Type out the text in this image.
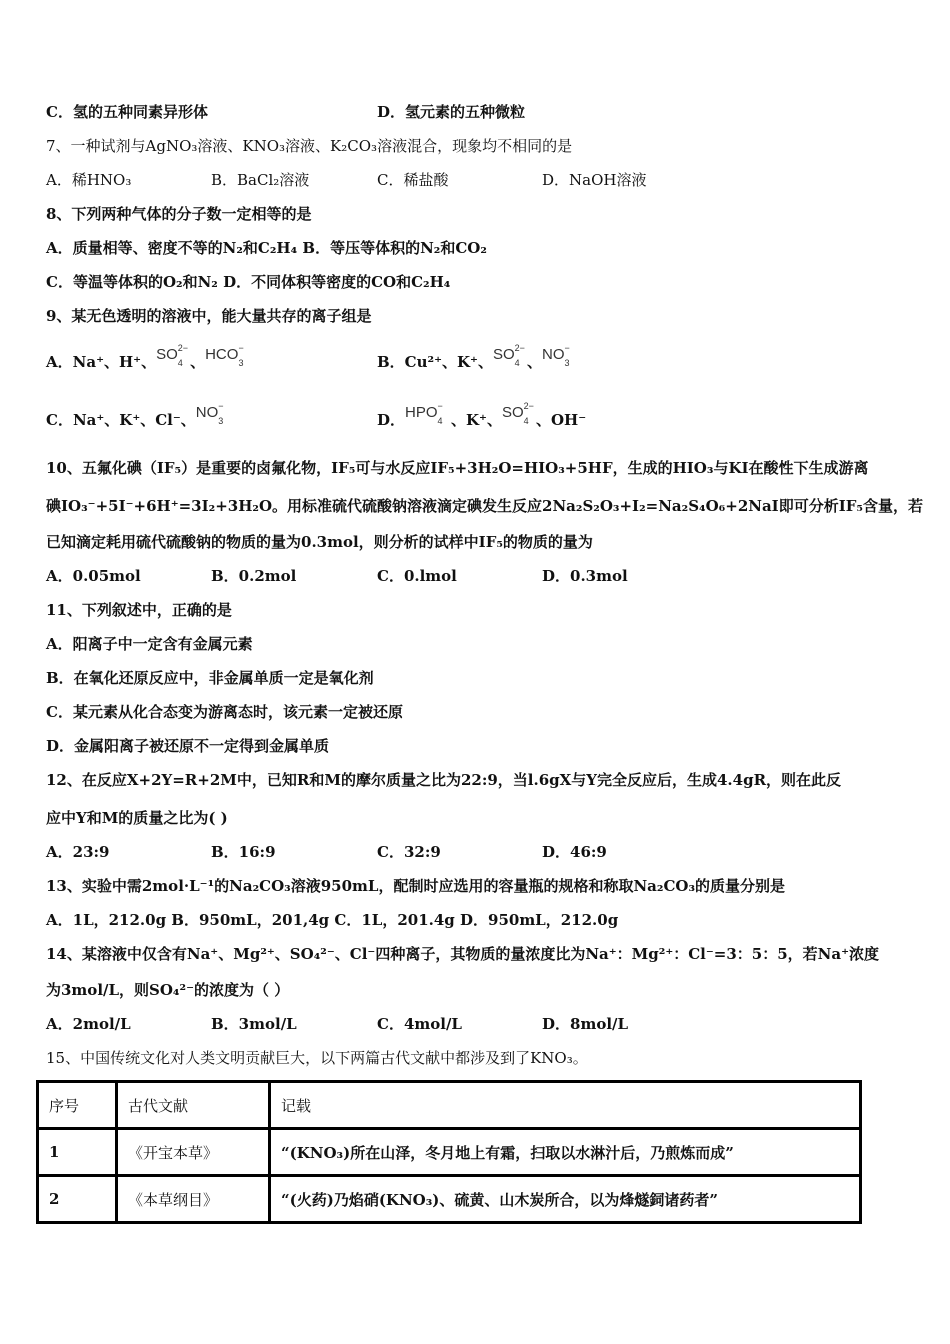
C．氢的五种同素异形体	D．氢元素的五种微粒
7、一种试剂与AgNO₃溶液、KNO₃溶液、K₂CO₃溶液混合，现象均不相同的是
A．稀HNO₃	B．BaCl₂溶液	C．稀盐酸	D．NaOH溶液
8、下列两种气体的分子数一定相等的是
A．质量相等、密度不等的N₂和C₂H₄ B．等压等体积的N₂和CO₂
C．等温等体积的O₂和N₂ D．不同体积等密度的CO和C₂H₄
9、某无色透明的溶液中，能大量共存的离子组是
A．Na⁺、H⁺、SO 2−
4 、HCO −
3	B．Cu²⁺、K⁺、SO 2−
4 、NO −
3
C．Na⁺、K⁺、Cl⁻、NO −
3	D．HPO −
4 、K⁺、SO 2−
4 、OH⁻
10、五氟化碘（IF₅）是重要的卤氟化物，IF₅可与水反应IF₅+3H₂O=HIO₃+5HF，生成的HIO₃与KI在酸性下生成游离
碘IO₃⁻+5I⁻+6H⁺=3I₂+3H₂O。用标准硫代硫酸钠溶液滴定碘发生反应2Na₂S₂O₃+I₂=Na₂S₄O₆+2NaI即可分析IF₅含量，若
已知滴定耗用硫代硫酸钠的物质的量为0.3mol，则分析的试样中IF₅的物质的量为
A．0.05mol	B．0.2mol	C．0.lmol	D．0.3mol
11、下列叙述中，正确的是
A．阳离子中一定含有金属元素
B．在氧化还原反应中，非金属单质一定是氧化剂
C．某元素从化合态变为游离态时，该元素一定被还原
D．金属阳离子被还原不一定得到金属单质
12、在反应X+2Y=R+2M中，已知R和M的摩尔质量之比为22:9，当l.6gX与Y完全反应后，生成4.4gR，则在此反
应中Y和M的质量之比为( )
A．23:9	B．16:9	C．32:9	D．46:9
13、实验中需2mol·L⁻¹的Na₂CO₃溶液950mL，配制时应选用的容量瓶的规格和称取Na₂CO₃的质量分别是
A．1L，212.0g B．950mL，201,4g C．1L，201.4g D．950mL，212.0g
14、某溶液中仅含有Na⁺、Mg²⁺、SO₄²⁻、Cl⁻四种离子，其物质的量浓度比为Na⁺：Mg²⁺：Cl⁻=3：5：5，若Na⁺浓度
为3mol/L，则SO₄²⁻的浓度为（ ）
A．2mol/L	B．3mol/L	C．4mol/L	D．8mol/L
15、中国传统文化对人类文明贡献巨大，以下两篇古代文献中都涉及到了KNO₃。
序号	古代文献	记载
1	《开宝本草》	“(KNO₃)所在山泽，冬月地上有霜，扫取以水淋汁后，乃煎炼而成”
2	《本草纲目》	“(火药)乃焰硝(KNO₃)、硫黄、山木炭所合，以为烽燧鉰诸药者”
